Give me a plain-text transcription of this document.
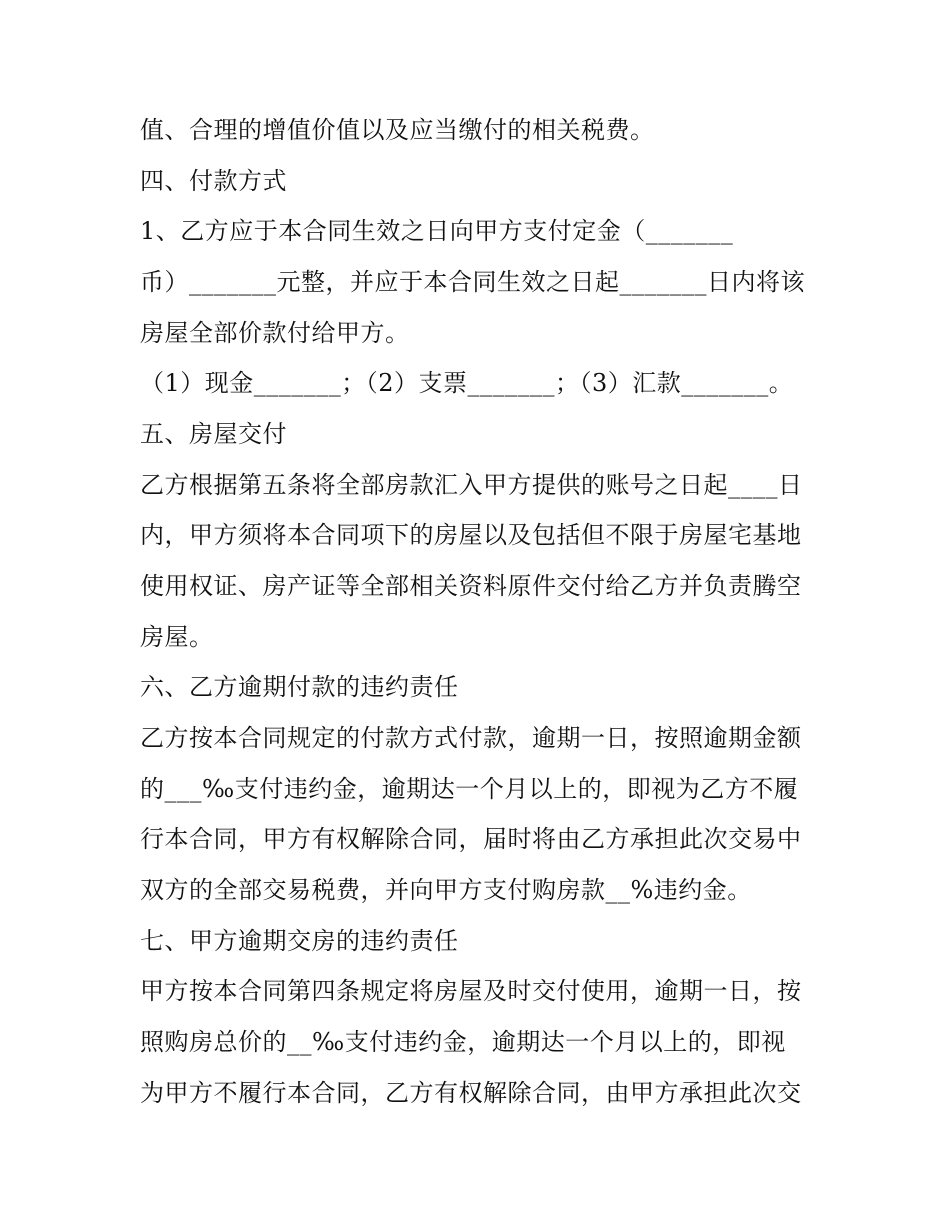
值、合理的增值价值以及应当缴付的相关税费。
四、付款方式
1、乙方应于本合同生效之日向甲方支付定金（_______
币）_______元整，并应于本合同生效之日起_______日内将该
房屋全部价款付给甲方。
（1）现金_______；（2）支票_______；（3）汇款_______。
五、房屋交付
乙方根据第五条将全部房款汇入甲方提供的账号之日起____日
内，甲方须将本合同项下的房屋以及包括但不限于房屋宅基地
使用权证、房产证等全部相关资料原件交付给乙方并负责腾空
房屋。
六、乙方逾期付款的违约责任
乙方按本合同规定的付款方式付款，逾期一日，按照逾期金额
的___‰支付违约金，逾期达一个月以上的，即视为乙方不履
行本合同，甲方有权解除合同，届时将由乙方承担此次交易中
双方的全部交易税费，并向甲方支付购房款__%违约金。
七、甲方逾期交房的违约责任
甲方按本合同第四条规定将房屋及时交付使用，逾期一日，按
照购房总价的__‰支付违约金，逾期达一个月以上的，即视
为甲方不履行本合同，乙方有权解除合同，由甲方承担此次交
